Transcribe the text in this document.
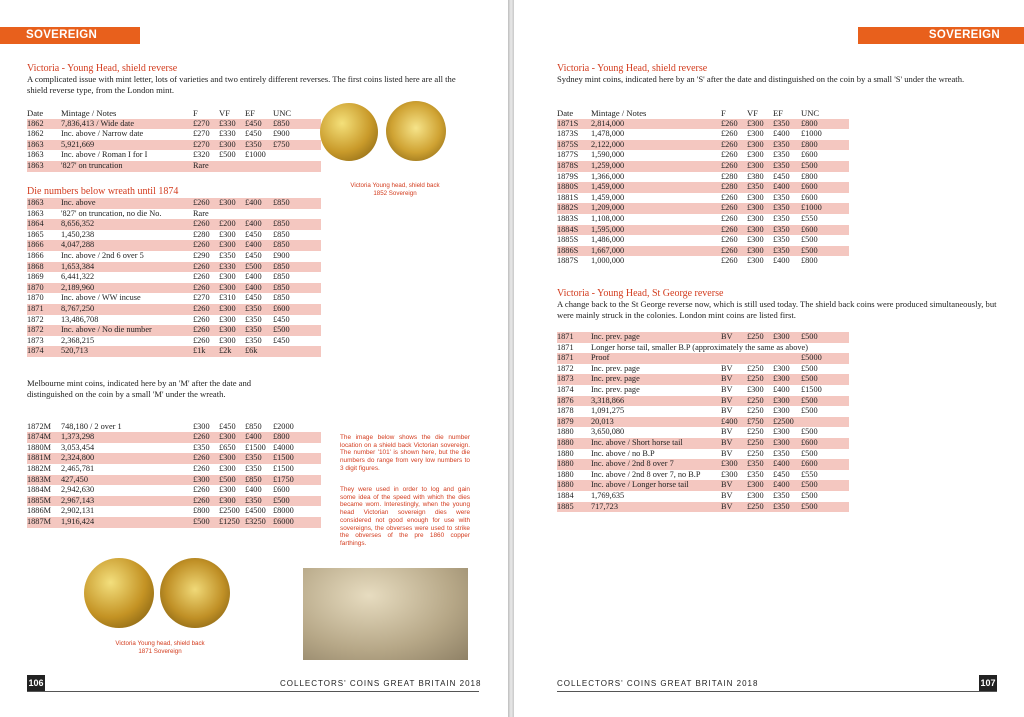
SOVEREIGN
Victoria - Young Head, shield reverse
A complicated issue with mint letter, lots of varieties and two entirely different reverses. The first coins listed here are all the shield reverse type, from the London mint.
Date	Mintage / Notes	F	VF	EF	UNC
1862	7,836,413 / Wide date	£270	£330	£450	£850
1862	Inc. above / Narrow date	£270	£330	£450	£900
1863	5,921,669	£270	£300	£350	£750
1863	Inc. above / Roman I for I	£320	£500	£1000	
1863	'827' on truncation	Rare			
Victoria Young head, shield back 1852 Sovereign
Die numbers below wreath until 1874
1863	Inc. above	£260	£300	£400	£850
1863	'827' on truncation, no die No.	Rare			
1864	8,656,352	£260	£200	£400	£850
1865	1,450,238	£280	£300	£450	£850
1866	4,047,288	£260	£300	£400	£850
1866	Inc. above / 2nd 6 over 5	£290	£350	£450	£900
1868	1,653,384	£260	£330	£500	£850
1869	6,441,322	£260	£300	£400	£850
1870	2,189,960	£260	£300	£400	£850
1870	Inc. above / WW incuse	£270	£310	£450	£850
1871	8,767,250	£260	£300	£350	£600
1872	13,486,708	£260	£300	£350	£450
1872	Inc. above / No die number	£260	£300	£350	£500
1873	2,368,215	£260	£300	£350	£450
1874	520,713	£1k	£2k	£6k	
Melbourne mint coins, indicated here by an 'M' after the date and distinguished on the coin by a small 'M' under the wreath.
1872M	748,180 / 2 over 1	£300	£450	£850	£2000
1874M	1,373,298	£260	£300	£400	£800
1880M	3,053,454	£350	£650	£1500	£4000
1881M	2,324,800	£260	£300	£350	£1500
1882M	2,465,781	£260	£300	£350	£1500
1883M	427,450	£300	£500	£850	£1750
1884M	2,942,630	£260	£300	£400	£600
1885M	2,967,143	£260	£300	£350	£500
1886M	2,902,131	£800	£2500	£4500	£8000
1887M	1,916,424	£500	£1250	£3250	£6000
The image below shows the die number location on a shield back Victorian sovereign. The number '101' is shown here, but the die numbers do range from very low numbers to 3 digit figures.
They were used in order to log and gain some idea of the speed with which the dies became worn. Interestingly, when the young head Victorian sovereign dies were considered not good enough for use with sovereigns, the obverses were used to strike the obverses of the pre 1860 copper farthings.
Victoria Young head, shield back 1871 Sovereign
106	COLLECTORS' COINS GREAT BRITAIN 2018
SOVEREIGN
Victoria - Young Head, shield reverse
Sydney mint coins, indicated here by an 'S' after the date and distinguished on the coin by a small 'S' under the wreath.
Date	Mintage / Notes	F	VF	EF	UNC
1871S	2,814,000	£260	£300	£350	£800
1873S	1,478,000	£260	£300	£400	£1000
1875S	2,122,000	£260	£300	£350	£800
1877S	1,590,000	£260	£300	£350	£600
1878S	1,259,000	£260	£300	£350	£500
1879S	1,366,000	£280	£380	£450	£800
1880S	1,459,000	£280	£350	£400	£600
1881S	1,459,000	£260	£300	£350	£600
1882S	1,209,000	£260	£300	£350	£1000
1883S	1,108,000	£260	£300	£350	£550
1884S	1,595,000	£260	£300	£350	£600
1885S	1,486,000	£260	£300	£350	£500
1886S	1,667,000	£260	£300	£350	£500
1887S	1,000,000	£260	£300	£400	£800
Victoria - Young Head, St George reverse
A change back to the St George reverse now, which is still used today. The shield back coins were produced simultaneously, but were mainly struck in the colonies. London mint coins are listed first.
1871	Inc. prev. page	BV	£250	£300	£500
1871	Longer horse tail, smaller B.P (approximately the same as above)				
1871	Proof				£5000
1872	Inc. prev. page	BV	£250	£300	£500
1873	Inc. prev. page	BV	£250	£300	£500
1874	Inc. prev. page	BV	£300	£400	£1500
1876	3,318,866	BV	£250	£300	£500
1878	1,091,275	BV	£250	£300	£500
1879	20,013	£400	£750	£2500	
1880	3,650,080	BV	£250	£300	£500
1880	Inc. above / Short horse tail	BV	£250	£300	£600
1880	Inc. above / no B.P	BV	£250	£350	£500
1880	Inc. above / 2nd 8 over 7	£300	£350	£400	£600
1880	Inc. above / 2nd 8 over 7, no B.P	£300	£350	£450	£550
1880	Inc. above / Longer horse tail	BV	£300	£400	£500
1884	1,769,635	BV	£300	£350	£500
1885	717,723	BV	£250	£350	£500
107
COLLECTORS' COINS GREAT BRITAIN 2018
